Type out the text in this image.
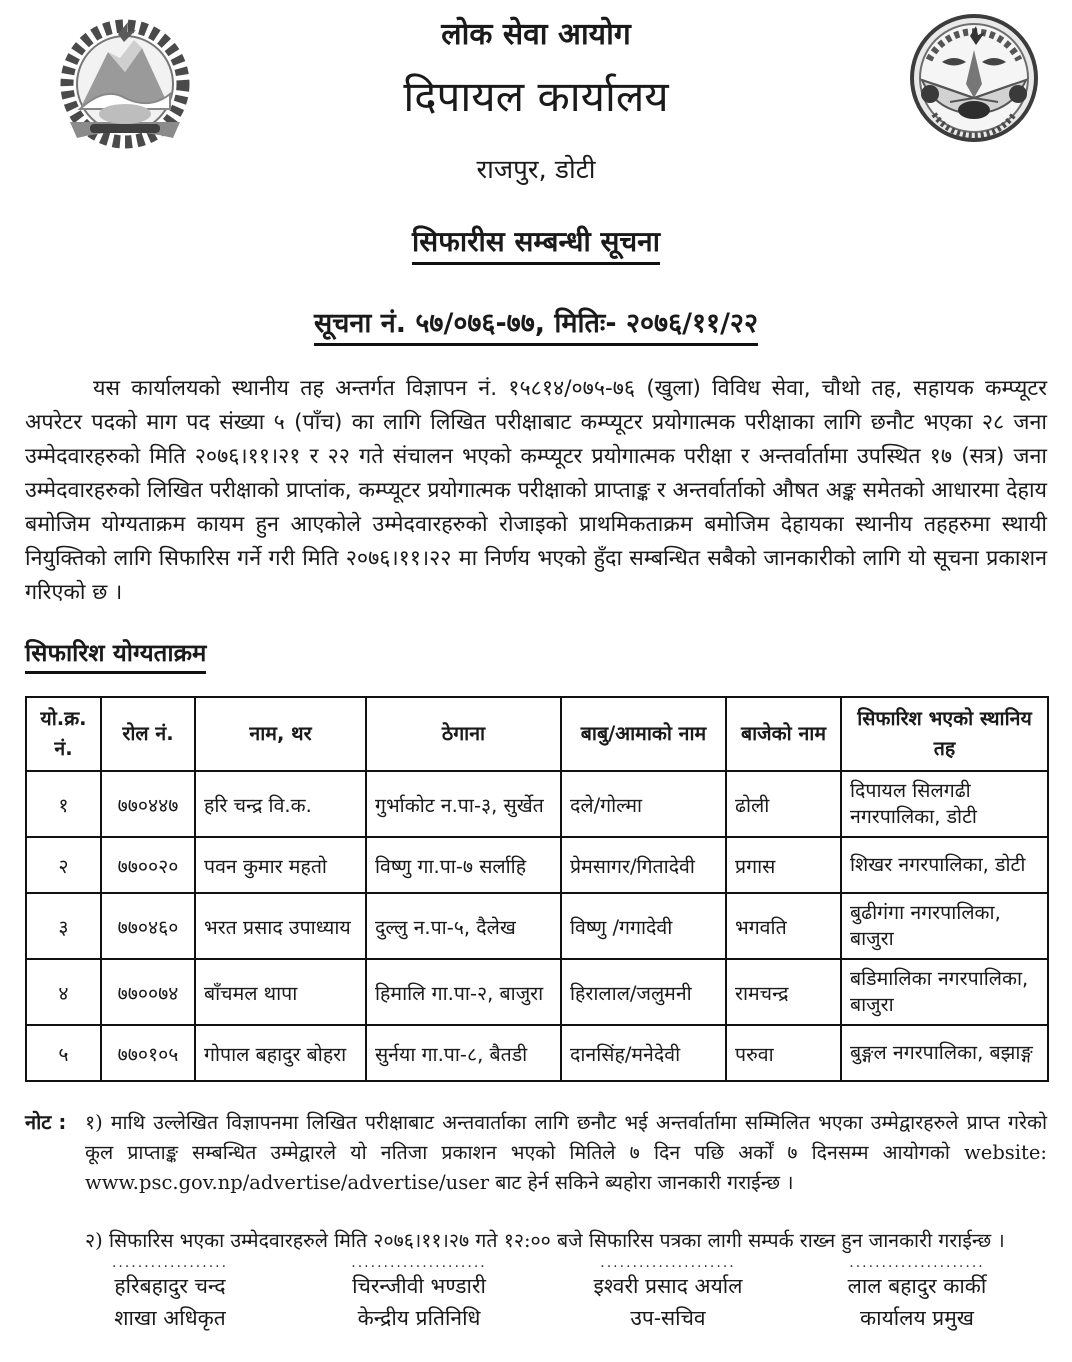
लोक सेवा आयोग
दिपायल कार्यालय
राजपुर, डोटी
सिफारीस सम्बन्धी सूचना
सूचना नं. ५७/०७६-७७, मितिः- २०७६/११/२२

यस कार्यालयको स्थानीय तह अन्तर्गत विज्ञापन नं. १५८१४/०७५-७६ (खुला) विविध सेवा, चौथो तह, सहायक कम्प्यूटर अपरेटर पदको माग पद संख्या ५ (पाँच) का लागि लिखित परीक्षाबाट कम्प्यूटर प्रयोगात्मक परीक्षाका लागि छनौट भएका २८ जना उम्मेदवारहरुको मिति २०७६।११।२१ र २२ गते संचालन भएको कम्प्यूटर प्रयोगात्मक परीक्षा र अन्तर्वार्तामा उपस्थित १७ (सत्र) जना उम्मेदवारहरुको लिखित परीक्षाको प्राप्तांक, कम्प्यूटर प्रयोगात्मक परीक्षाको प्राप्ताङ्क र अन्तर्वार्ताको औषत अङ्क समेतको आधारमा देहाय बमोजिम योग्यताक्रम कायम हुन आएकोले उम्मेदवारहरुको रोजाइको प्राथमिकताक्रम बमोजिम देहायका स्थानीय तहहरुमा स्थायी नियुक्तिको लागि सिफारिस गर्ने गरी मिति २०७६।११।२२ मा निर्णय भएको हुँदा सम्बन्धित सबैको जानकारीको लागि यो सूचना प्रकाशन गरिएको छ ।

सिफारिश योग्यताक्रम
यो.क्र. नं.	रोल नं.	नाम, थर	ठेगाना	बाबु/आमाको नाम	बाजेको नाम	सिफारिश भएको स्थानिय तह
१	७७०४४७	हरि चन्द्र वि.क.	गुर्भाकोट न.पा-३, सुर्खेत	दले/गोल्मा	ढोली	दिपायल सिलगढी नगरपालिका, डोटी
२	७७००२०	पवन कुमार महतो	विष्णु गा.पा-७ सर्लाहि	प्रेमसागर/गितादेवी	प्रगास	शिखर नगरपालिका, डोटी
३	७७०४६०	भरत प्रसाद उपाध्याय	दुल्लु न.पा-५, दैलेख	विष्णु /गगादेवी	भगवति	बुढीगंगा नगरपालिका, बाजुरा
४	७७००७४	बाँचमल थापा	हिमालि गा.पा-२, बाजुरा	हिरालाल/जलुमनी	रामचन्द्र	बडिमालिका नगरपालिका, बाजुरा
५	७७०१०५	गोपाल बहादुर बोहरा	सुर्नया गा.पा-८, बैतडी	दानसिंह/मनेदेवी	परुवा	बुङ्गल नगरपालिका, बझाङ्ग
नोट : १) माथि उल्लेखित विज्ञापनमा लिखित परीक्षाबाट अन्तवार्ताका लागि छनौट भई अन्तर्वार्तामा सम्मिलित भएका उम्मेद्वारहरुले प्राप्त गरेको कूल प्राप्ताङ्क सम्बन्धित उम्मेद्वारले यो नतिजा प्रकाशन भएको मितिले ७ दिन पछि अर्कों ७ दिनसम्म आयोगको website: www.psc.gov.np/advertise/advertise/user बाट हेर्न सकिने ब्यहोरा जानकारी गराईन्छ ।

२) सिफारिस भएका उम्मेदवारहरुले मिति २०७६।११।२७ गते १२:०० बजे सिफारिस पत्रका लागी सम्पर्क राख्न हुन जानकारी गराईन्छ ।

..................
हरिबहादुर चन्द
शाखा अधिकृत
.....................
चिरन्जीवी भण्डारी
केन्द्रीय प्रतिनिधि
.....................
इश्वरी प्रसाद अर्याल
उप-सचिव
.....................
लाल बहादुर कार्की
कार्यालय प्रमुख
